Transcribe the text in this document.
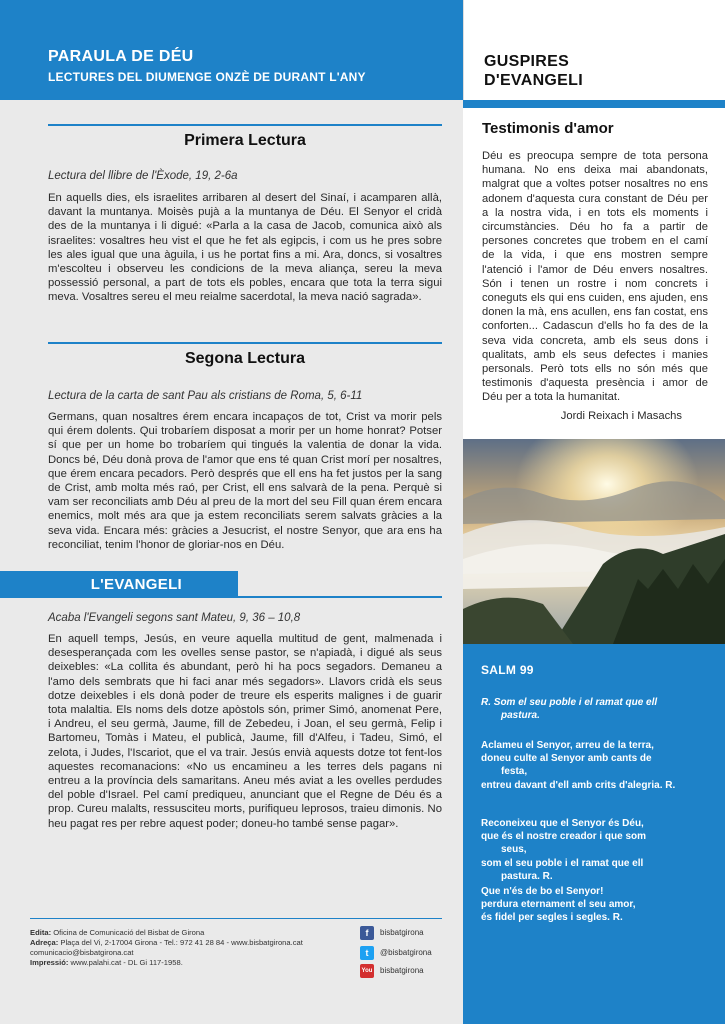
PARAULA DE DÉU
LECTURES DEL DIUMENGE ONZÈ DE DURANT L'ANY
Primera Lectura
Lectura del llibre de l'Èxode, 19, 2-6a
En aquells dies, els israelites arribaren al desert del Sinaí, i acamparen allà, davant la muntanya. Moisès pujà a la muntanya de Déu. El Senyor el cridà des de la muntanya i li digué: «Parla a la casa de Jacob, comunica això als israelites: vosaltres heu vist el que he fet als egipcis, i com us he pres sobre les ales igual que una àguila, i us he portat fins a mi. Ara, doncs, si vosaltres m'escolteu i observeu les condicions de la meva aliança, sereu la meva possessió personal, a part de tots els pobles, encara que tota la terra sigui meva. Vosaltres sereu el meu reialme sacerdotal, la meva nació sagrada».
Segona Lectura
Lectura de la carta de sant Pau als cristians de Roma, 5, 6-11
Germans, quan nosaltres érem encara incapaços de tot, Crist va morir pels qui érem dolents. Qui trobaríem disposat a morir per un home honrat? Potser sí que per un home bo trobaríem qui tingués la valentia de donar la vida. Doncs bé, Déu donà prova de l'amor que ens té quan Crist morí per nosaltres, que érem encara pecadors. Però després que ell ens ha fet justos per la sang de Crist, amb molta més raó, per Crist, ell ens salvarà de la pena. Perquè si vam ser reconciliats amb Déu al preu de la mort del seu Fill quan érem encara enemics, molt més ara que ja estem reconciliats serem salvats gràcies a la seva vida. Encara més: gràcies a Jesucrist, el nostre Senyor, que ara ens ha reconciliat, tenim l'honor de gloriar-nos en Déu.
L'EVANGELI
Acaba l'Evangeli segons sant Mateu, 9, 36 – 10,8
En aquell temps, Jesús, en veure aquella multitud de gent, malmenada i desesperançada com les ovelles sense pastor, se n'apiadà, i digué als seus deixebles: «La collita és abundant, però hi ha pocs segadors. Demaneu a l'amo dels sembrats que hi faci anar més segadors». Llavors cridà els seus dotze deixebles i els donà poder de treure els esperits malignes i de guarir tota malaltia. Els noms dels dotze apòstols són, primer Simó, anomenat Pere, i Andreu, el seu germà, Jaume, fill de Zebedeu, i Joan, el seu germà, Felip i Bartomeu, Tomàs i Mateu, el publicà, Jaume, fill d'Alfeu, i Tadeu, Simó, el zelota, i Judes, l'Iscariot, que el va trair. Jesús envià aquests dotze tot fent-los aquestes recomanacions: «No us encamineu a les terres dels pagans ni entreu a la província dels samaritans. Aneu més aviat a les ovelles perdudes del poble d'Israel. Pel camí prediqueu, anunciant que el Regne de Déu és a prop. Cureu malalts, ressusciteu morts, purifiqueu leprosos, traieu dimonis. No heu pagat res per rebre aquest poder; doneu-ho també sense pagar».
Edita: Oficina de Comunicació del Bisbat de Girona
Adreça: Plaça del Vi, 2-17004 Girona - Tel.: 972 41 28 84 - www.bisbatgirona.cat
comunicacio@bisbatgirona.cat
Impressió: www.palahi.cat - DL Gi 117-1958.
f	bisbatgirona
t	@bisbatgirona
You bisbatgirona
GUSPIRES
D'EVANGELI
Testimonis d'amor
Déu es preocupa sempre de tota persona humana. No ens deixa mai abandonats, malgrat que a voltes potser nosaltres no ens adonem d'aquesta cura constant de Déu per a la nostra vida, i en tots els moments i circumstàncies. Déu ho fa a partir de persones concretes que trobem en el camí de la vida, i que ens mostren sempre l'atenció i l'amor de Déu envers nosaltres. Són i tenen un rostre i nom concrets i coneguts els qui ens cuiden, ens ajuden, ens donen la mà, ens acullen, ens fan costat, ens conforten... Cadascun d'ells ho fa des de la seva vida concreta, amb els seus dons i qualitats, amb els seus defectes i manies personals. Però tots ells no són més que testimonis d'aquesta presència i amor de Déu per a tota la humanitat.
Jordi Reixach i Masachs
SALM 99
R. Som el seu poble i el ramat que ell
pastura.
Aclameu el Senyor, arreu de la terra,
doneu culte al Senyor amb cants de
festa,
entreu davant d'ell amb crits d'alegria. R.
Reconeixeu que el Senyor és Déu,
que és el nostre creador i que som
seus,
som el seu poble i el ramat que ell
pastura. R.
Que n'és de bo el Senyor!
perdura eternament el seu amor,
és fidel per segles i segles. R.
